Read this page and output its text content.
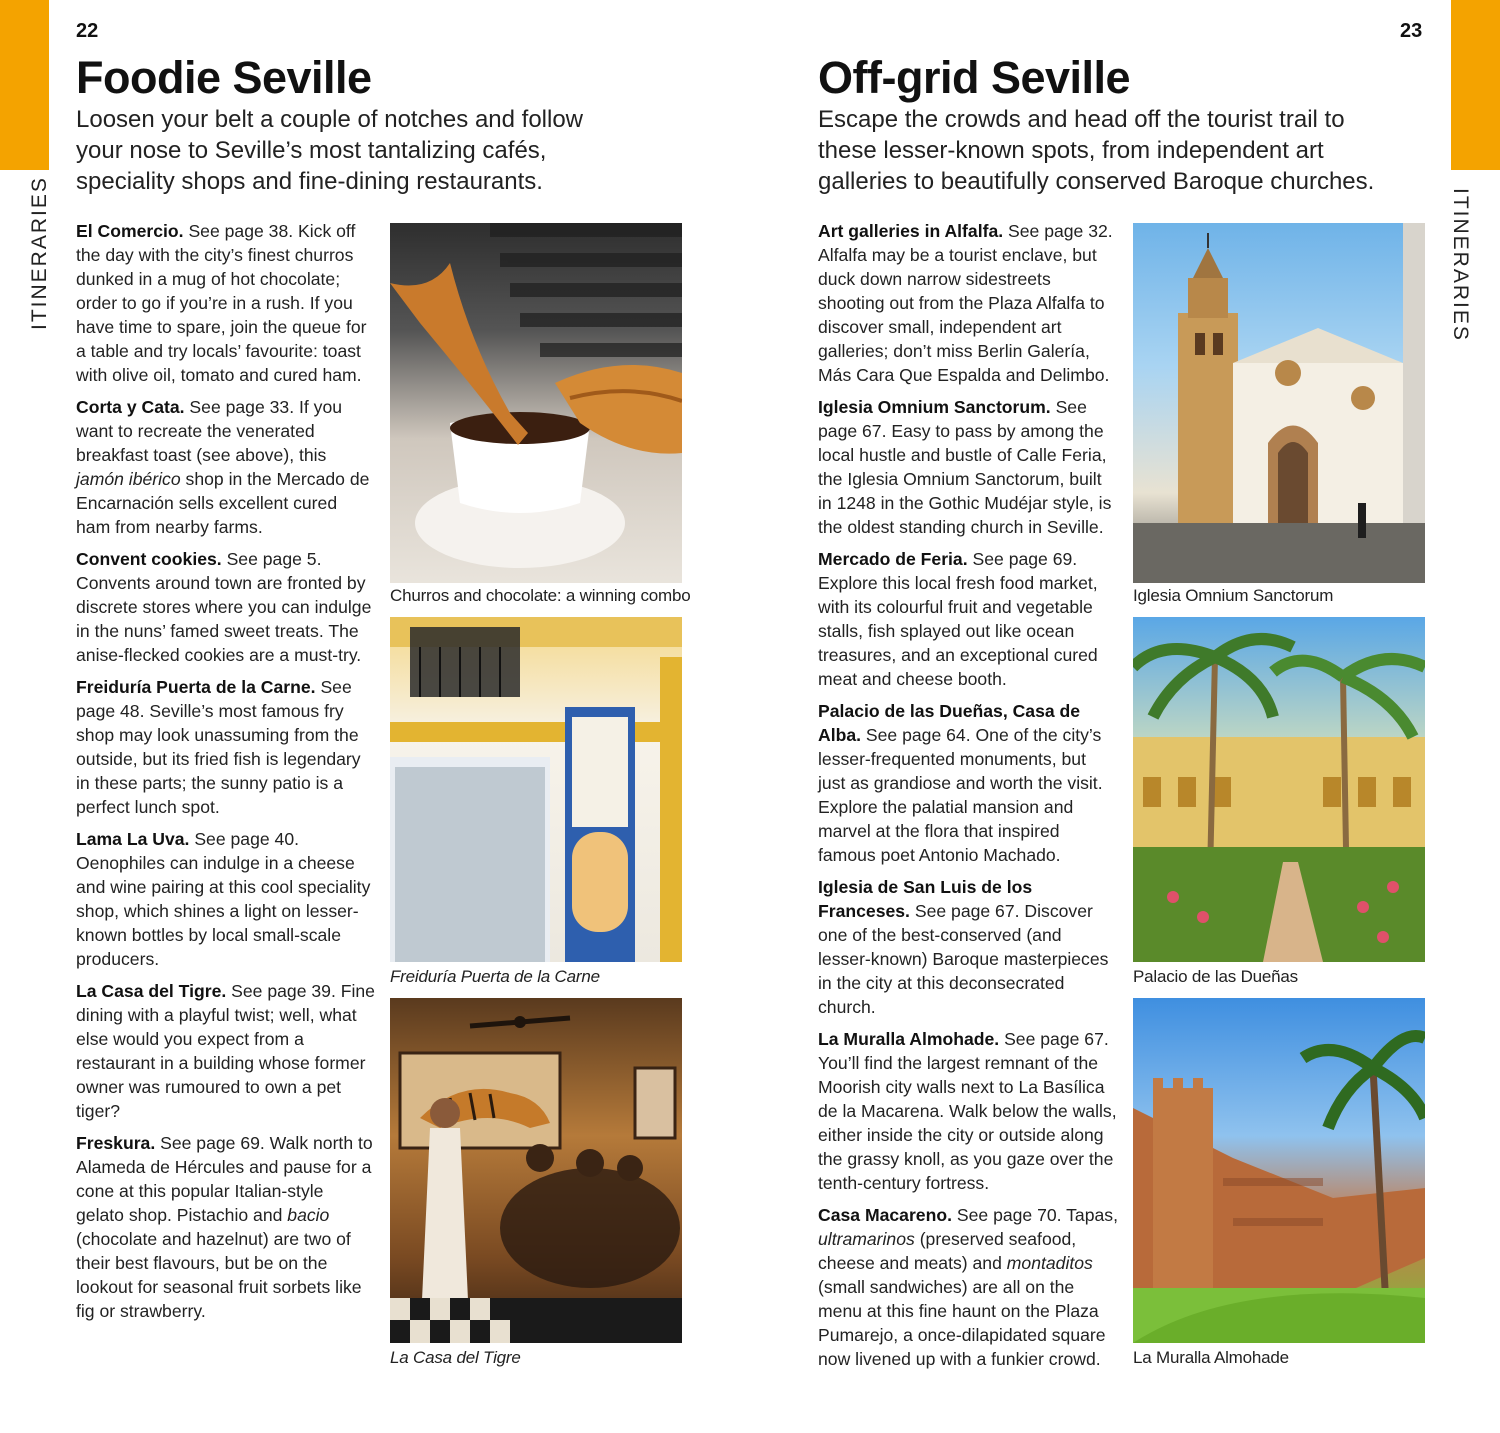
ITINERARIES	ITINERARIES
22
Foodie Seville
Loosen your belt a couple of notches and follow your nose to Seville’s most tantalizing cafés, speciality shops and fine-dining restaurants.

El Comercio. See page 38. Kick off the day with the city’s finest churros dunked in a mug of hot chocolate; order to go if you’re in a rush. If you have time to spare, join the queue for a table and try locals’ favourite: toast with olive oil, tomato and cured ham.

Corta y Cata. See page 33. If you want to recreate the venerated breakfast toast (see above), this jamón ibérico shop in the Mercado de Encarnación sells excellent cured ham from nearby farms.

Convent cookies. See page 5. Convents around town are fronted by discrete stores where you can indulge in the nuns’ famed sweet treats. The anise-flecked cookies are a must-try.

Freiduría Puerta de la Carne. See page 48. Seville’s most famous fry shop may look unassuming from the outside, but its fried fish is legendary in these parts; the sunny patio is a perfect lunch spot.

Lama La Uva. See page 40. Oenophiles can indulge in a cheese and wine pairing at this cool speciality shop, which shines a light on lesser-known bottles by local small-scale producers.

La Casa del Tigre. See page 39. Fine dining with a playful twist; well, what else would you expect from a restaurant in a building whose former owner was rumoured to own a pet tiger?

Freskura. See page 69. Walk north to Alameda de Hércules and pause for a cone at this popular Italian-style gelato shop. Pistachio and bacio (chocolate and hazelnut) are two of their best flavours, but be on the lookout for seasonal fruit sorbets like fig or strawberry.

Churros and chocolate: a winning combo
Freiduría Puerta de la Carne
La Casa del Tigre
23
Off-grid Seville
Escape the crowds and head off the tourist trail to these lesser-known spots, from independent art galleries to beautifully conserved Baroque churches.

Art galleries in Alfalfa. See page 32. Alfalfa may be a tourist enclave, but duck down narrow sidestreets shooting out from the Plaza Alfalfa to discover small, independent art galleries; don’t miss Berlin Galería, Más Cara Que Espalda and Delimbo.

Iglesia Omnium Sanctorum. See page 67. Easy to pass by among the local hustle and bustle of Calle Feria, the Iglesia Omnium Sanctorum, built in 1248 in the Gothic Mudéjar style, is the oldest standing church in Seville.

Mercado de Feria. See page 69. Explore this local fresh food market, with its colourful fruit and vegetable stalls, fish splayed out like ocean treasures, and an exceptional cured meat and cheese booth.

Palacio de las Dueñas, Casa de Alba. See page 64. One of the city’s lesser-frequented monuments, but just as grandiose and worth the visit. Explore the palatial mansion and marvel at the flora that inspired famous poet Antonio Machado.

Iglesia de San Luis de los Franceses. See page 67. Discover one of the best-conserved (and lesser-known) Baroque masterpieces in the city at this deconsecrated church.

La Muralla Almohade. See page 67. You’ll find the largest remnant of the Moorish city walls next to La Basílica de la Macarena. Walk below the walls, either inside the city or outside along the grassy knoll, as you gaze over the tenth-century fortress.

Casa Macareno. See page 70. Tapas, ultramarinos (preserved seafood, cheese and meats) and montaditos (small sandwiches) are all on the menu at this fine haunt on the Plaza Pumarejo, a once-dilapidated square now livened up with a funkier crowd.

Iglesia Omnium Sanctorum
Palacio de las Dueñas
La Muralla Almohade
